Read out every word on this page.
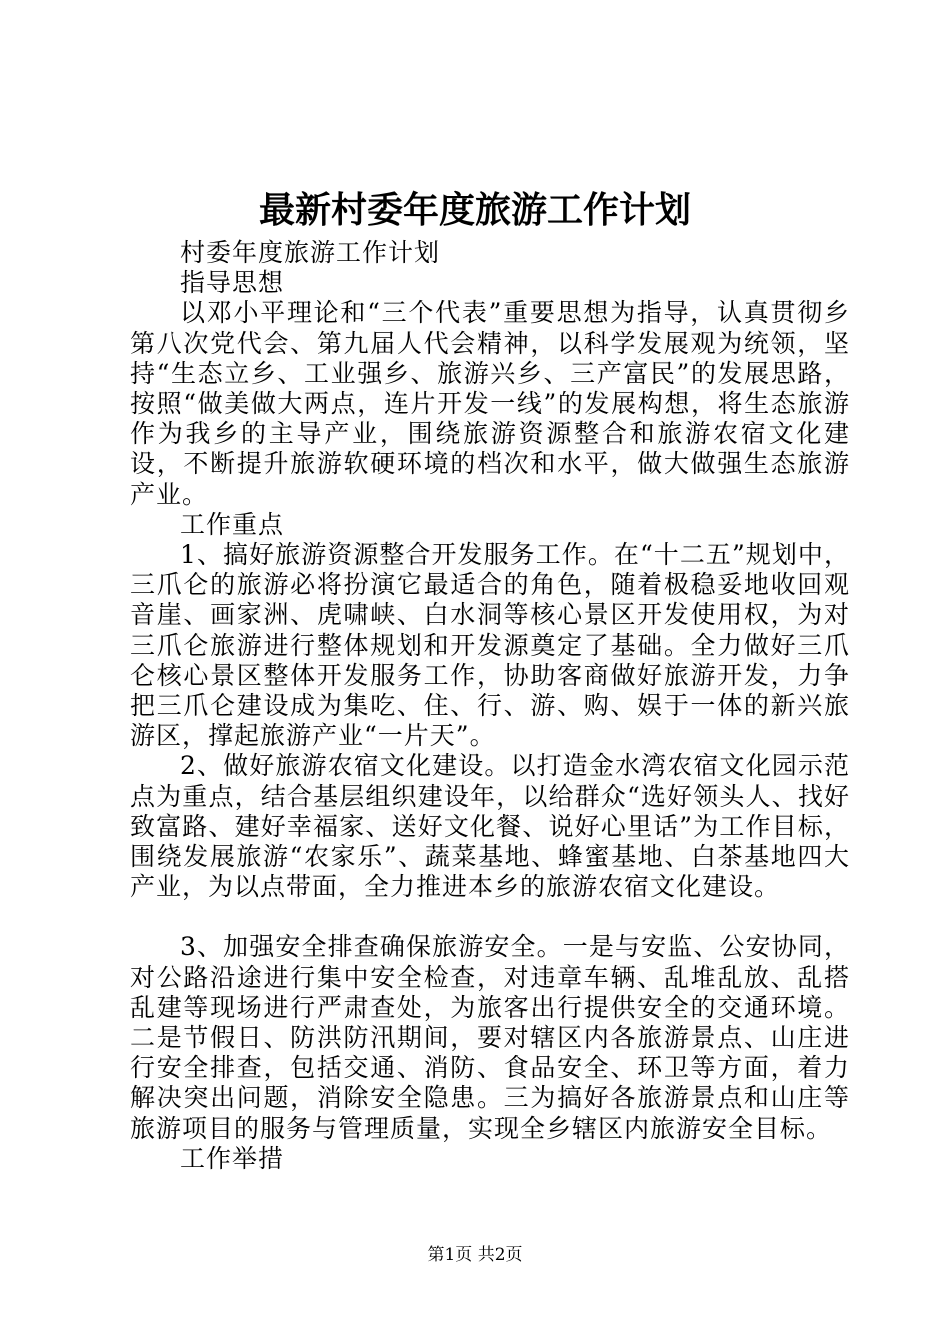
最新村委年度旅游工作计划

村委年度旅游工作计划

指导思想

以邓小平理论和“三个代表”重要思想为指导，认真贯彻乡第八次党代会、第九届人代会精神，以科学发展观为统领，坚持“生态立乡、工业强乡、旅游兴乡、三产富民”的发展思路，按照“做美做大两点，连片开发一线”的发展构想，将生态旅游作为我乡的主导产业，围绕旅游资源整合和旅游农宿文化建设，不断提升旅游软硬环境的档次和水平，做大做强生态旅游产业。

工作重点

1、搞好旅游资源整合开发服务工作。在“十二五”规划中，三爪仑的旅游必将扮演它最适合的角色，随着极稳妥地收回观音崖、画家洲、虎啸峡、白水洞等核心景区开发使用权，为对三爪仑旅游进行整体规划和开发源奠定了基础。全力做好三爪仑核心景区整体开发服务工作，协助客商做好旅游开发，力争把三爪仑建设成为集吃、住、行、游、购、娱于一体的新兴旅游区，撑起旅游产业“一片天”。

2、做好旅游农宿文化建设。以打造金水湾农宿文化园示范点为重点，结合基层组织建设年，以给群众“选好领头人、找好致富路、建好幸福家、送好文化餐、说好心里话”为工作目标，围绕发展旅游“农家乐”、蔬菜基地、蜂蜜基地、白茶基地四大产业，为以点带面，全力推进本乡的旅游农宿文化建设。

3、加强安全排查确保旅游安全。一是与安监、公安协同，对公路沿途进行集中安全检查，对违章车辆、乱堆乱放、乱搭乱建等现场进行严肃查处，为旅客出行提供安全的交通环境。二是节假日、防洪防汛期间，要对辖区内各旅游景点、山庄进行安全排查，包括交通、消防、食品安全、环卫等方面，着力解决突出问题，消除安全隐患。三为搞好各旅游景点和山庄等旅游项目的服务与管理质量，实现全乡辖区内旅游安全目标。

工作举措

第1页 共2页
